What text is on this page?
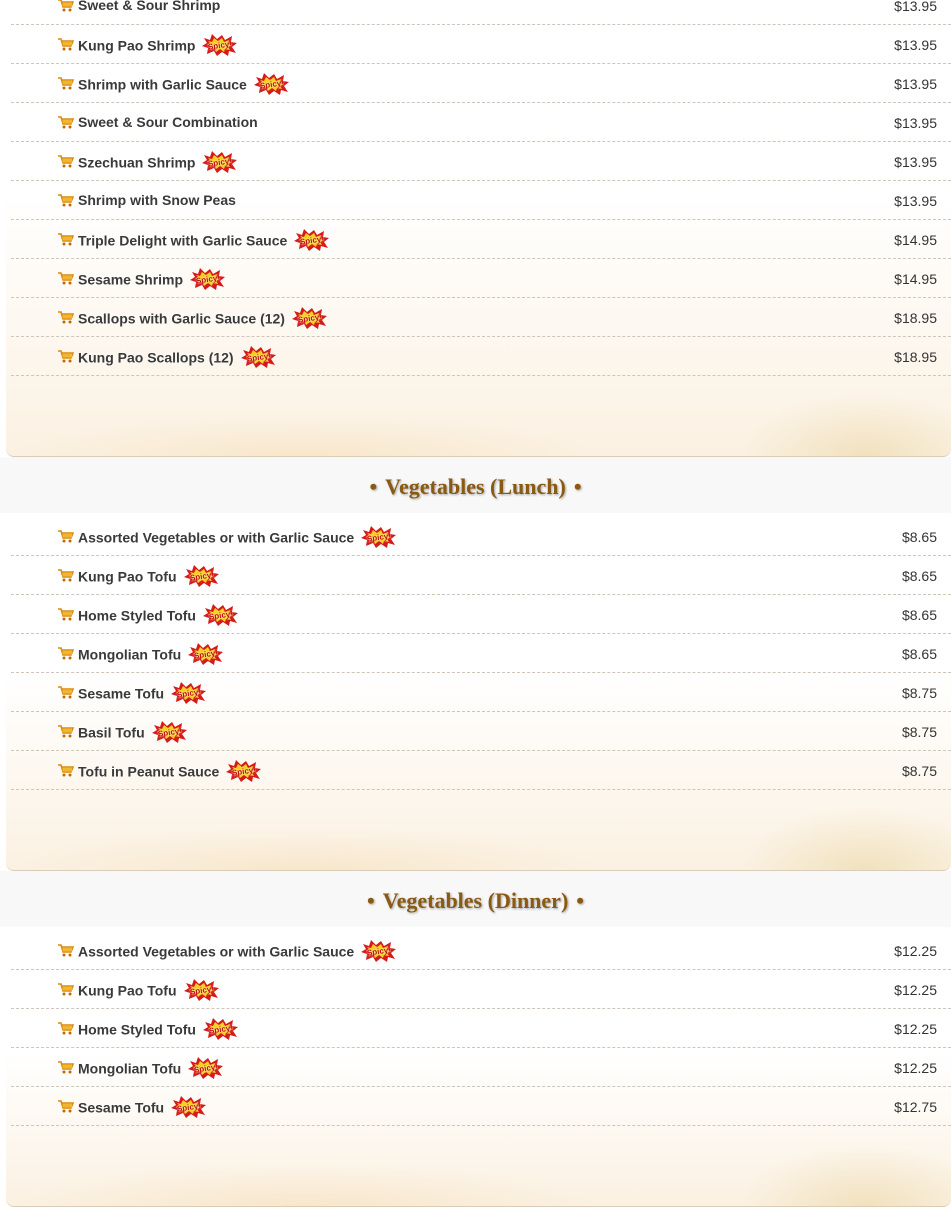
Sweet & Sour Shrimp	$13.95
Kung Pao Shrimp Spicy!	$13.95
Shrimp with Garlic Sauce Spicy!	$13.95
Sweet & Sour Combination	$13.95
Szechuan Shrimp Spicy!	$13.95
Shrimp with Snow Peas	$13.95
Triple Delight with Garlic Sauce Spicy!	$14.95
Sesame Shrimp Spicy!	$14.95
Scallops with Garlic Sauce (12) Spicy!	$18.95
Kung Pao Scallops (12) Spicy!	$18.95
• Vegetables (Lunch) •
Assorted Vegetables or with Garlic Sauce Spicy!	$8.65
Kung Pao Tofu Spicy!	$8.65
Home Styled Tofu Spicy!	$8.65
Mongolian Tofu Spicy!	$8.65
Sesame Tofu Spicy!	$8.75
Basil Tofu Spicy!	$8.75
Tofu in Peanut Sauce Spicy!	$8.75
• Vegetables (Dinner) •
Assorted Vegetables or with Garlic Sauce Spicy!	$12.25
Kung Pao Tofu Spicy!	$12.25
Home Styled Tofu Spicy!	$12.25
Mongolian Tofu Spicy!	$12.25
Sesame Tofu Spicy!	$12.75
